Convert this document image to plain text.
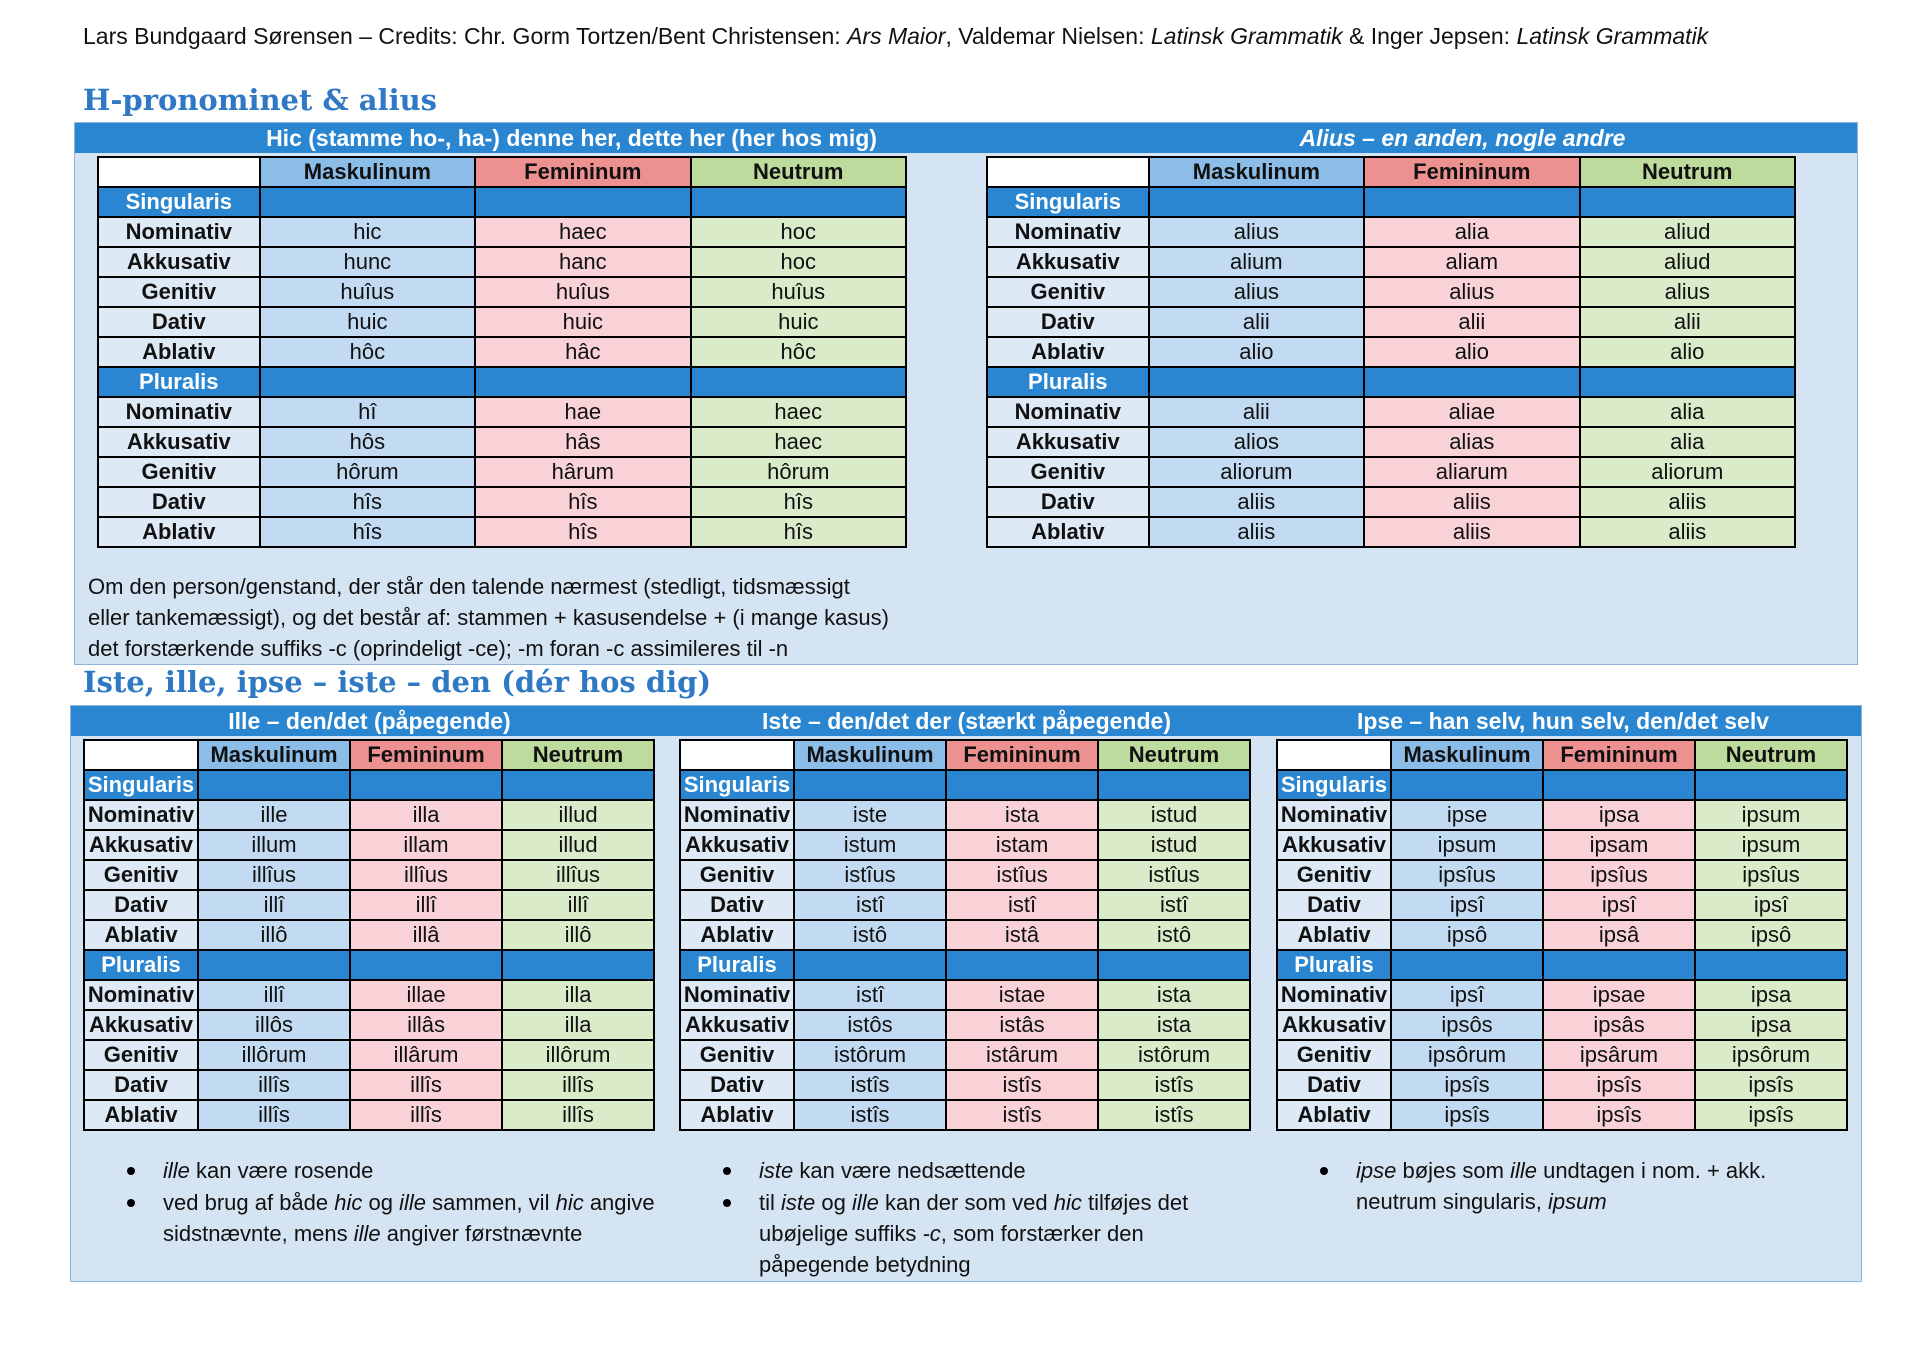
Lars Bundgaard Sørensen – Credits: Chr. Gorm Tortzen/Bent Christensen: Ars Maior, Valdemar Nielsen: Latinsk Grammatik & Inger Jepsen: Latinsk Grammatik
H-pronominet & alius
Hic (stamme ho-, ha-) denne her, dette her (her hos mig)	Alius – en anden, nogle andre
	Maskulinum	Femininum	Neutrum
Singularis			
Nominativ	hic	haec	hoc
Akkusativ	hunc	hanc	hoc
Genitiv	huîus	huîus	huîus
Dativ	huic	huic	huic
Ablativ	hôc	hâc	hôc
Pluralis			
Nominativ	hî	hae	haec
Akkusativ	hôs	hâs	haec
Genitiv	hôrum	hârum	hôrum
Dativ	hîs	hîs	hîs
Ablativ	hîs	hîs	hîs
	Maskulinum	Femininum	Neutrum
Singularis			
Nominativ	alius	alia	aliud
Akkusativ	alium	aliam	aliud
Genitiv	alius	alius	alius
Dativ	alii	alii	alii
Ablativ	alio	alio	alio
Pluralis			
Nominativ	alii	aliae	alia
Akkusativ	alios	alias	alia
Genitiv	aliorum	aliarum	aliorum
Dativ	aliis	aliis	aliis
Ablativ	aliis	aliis	aliis
Om den person/genstand, der står den talende nærmest (stedligt, tidsmæssigt
eller tankemæssigt), og det består af: stammen + kasusendelse + (i mange kasus)
det forstærkende suffiks -c (oprindeligt -ce); -m foran -c assimileres til -n
Iste, ille, ipse – iste – den (dér hos dig)
Ille – den/det (påpegende)	Iste – den/det der (stærkt påpegende)	Ipse – han selv, hun selv, den/det selv
	Maskulinum	Femininum	Neutrum
Singularis			
Nominativ	ille	illa	illud
Akkusativ	illum	illam	illud
Genitiv	illîus	illîus	illîus
Dativ	illî	illî	illî
Ablativ	illô	illâ	illô
Pluralis			
Nominativ	illî	illae	illa
Akkusativ	illôs	illâs	illa
Genitiv	illôrum	illârum	illôrum
Dativ	illîs	illîs	illîs
Ablativ	illîs	illîs	illîs
	Maskulinum	Femininum	Neutrum
Singularis			
Nominativ	iste	ista	istud
Akkusativ	istum	istam	istud
Genitiv	istîus	istîus	istîus
Dativ	istî	istî	istî
Ablativ	istô	istâ	istô
Pluralis			
Nominativ	istî	istae	ista
Akkusativ	istôs	istâs	ista
Genitiv	istôrum	istârum	istôrum
Dativ	istîs	istîs	istîs
Ablativ	istîs	istîs	istîs
	Maskulinum	Femininum	Neutrum
Singularis			
Nominativ	ipse	ipsa	ipsum
Akkusativ	ipsum	ipsam	ipsum
Genitiv	ipsîus	ipsîus	ipsîus
Dativ	ipsî	ipsî	ipsî
Ablativ	ipsô	ipsâ	ipsô
Pluralis			
Nominativ	ipsî	ipsae	ipsa
Akkusativ	ipsôs	ipsâs	ipsa
Genitiv	ipsôrum	ipsârum	ipsôrum
Dativ	ipsîs	ipsîs	ipsîs
Ablativ	ipsîs	ipsîs	ipsîs
ille kan være rosende
ved brug af både hic og ille sammen, vil hic angive sidstnævnte, mens ille angiver førstnævnte
iste kan være nedsættende
til iste og ille kan der som ved hic tilføjes det ubøjelige suffiks -c, som forstærker den påpegende betydning
ipse bøjes som ille undtagen i nom. + akk. neutrum singularis, ipsum
